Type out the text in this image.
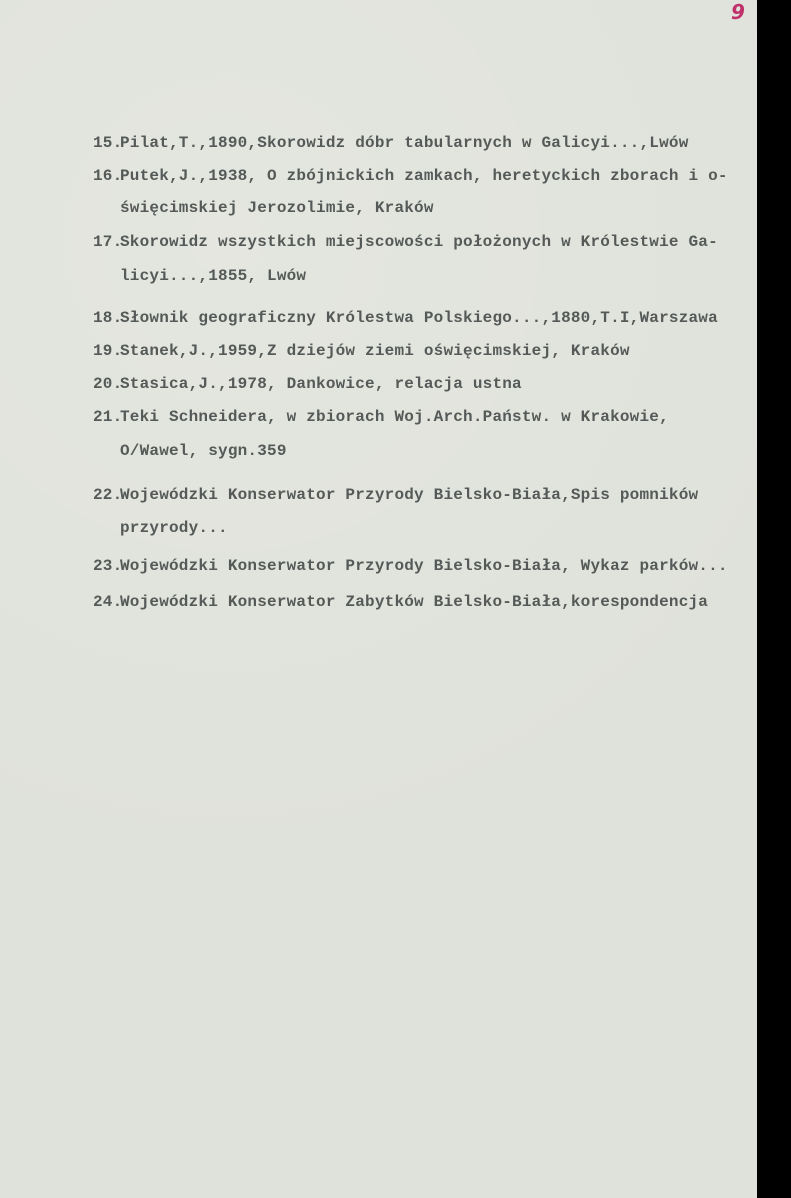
9
15.
Pilat,T.,1890,Skorowidz dóbr tabularnych w Galicyi...,Lwów
16.
Putek,J.,1938, O zbójnickich zamkach, heretyckich zborach i o-
święcimskiej Jerozolimie, Kraków
17.
Skorowidz wszystkich miejscowości położonych w Królestwie Ga-
licyi...,1855, Lwów
18.
Słownik geograficzny Królestwa Polskiego...,1880,T.I,Warszawa
19.
Stanek,J.,1959,Z dziejów ziemi oświęcimskiej, Kraków
20.
Stasica,J.,1978, Dankowice, relacja ustna
21.
Teki Schneidera, w zbiorach Woj.Arch.Państw. w Krakowie,
O/Wawel, sygn.359
22.
Wojewódzki Konserwator Przyrody Bielsko-Biała,Spis pomników
przyrody...
23.
Wojewódzki Konserwator Przyrody Bielsko-Biała, Wykaz parków...
24.
Wojewódzki Konserwator Zabytków Bielsko-Biała,korespondencja
